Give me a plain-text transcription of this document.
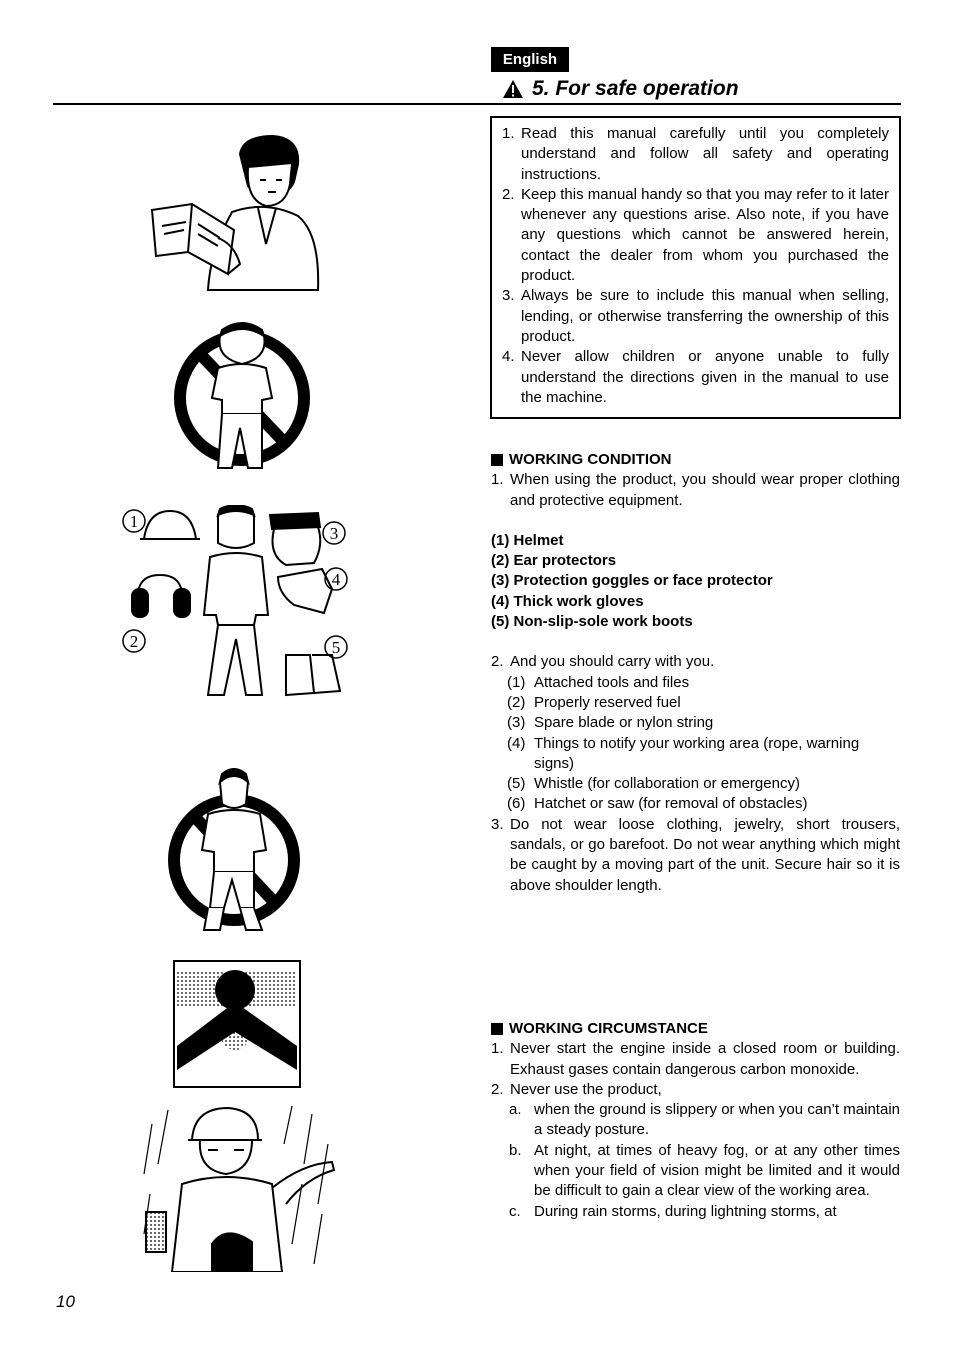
English
5. For safe operation
1. Read this manual carefully until you completely understand and follow all safety and operating instructions.
2. Keep this manual handy so that you may refer to it later whenever any questions arise. Also note, if you have any questions which cannot be answered herein, contact the dealer from whom you purchased the product.
3. Always be sure to include this manual when selling, lending, or otherwise transferring the ownership of this product.
4. Never allow children or anyone unable to fully understand the directions given in the manual to use the machine.
WORKING CONDITION
1. When using the product, you should wear proper clothing and protective equipment.
(1) Helmet
(2) Ear protectors
(3) Protection goggles or face protector
(4) Thick work gloves
(5) Non-slip-sole work boots
2. And you should carry with you.
(1) Attached tools and files
(2) Properly reserved fuel
(3) Spare blade or nylon string
(4) Things to notify your working area (rope, warning signs)
(5) Whistle (for collaboration or emergency)
(6) Hatchet or saw (for removal of obstacles)
3. Do not wear loose clothing, jewelry, short trousers, sandals, or go barefoot. Do not wear anything which might be caught by a moving part of the unit. Secure hair so it is above shoulder length.
WORKING CIRCUMSTANCE
1. Never start the engine inside a closed room or building. Exhaust gases contain dangerous carbon monoxide.
2. Never use the product,
a. when the ground is slippery or when you can’t maintain a steady posture.
b. At night, at times of heavy fog, or at any other times when your field of vision might be limited and it would be difficult to gain a clear view of the working area.
c. During rain storms, during lightning storms, at
1
2
3
4
5
10
